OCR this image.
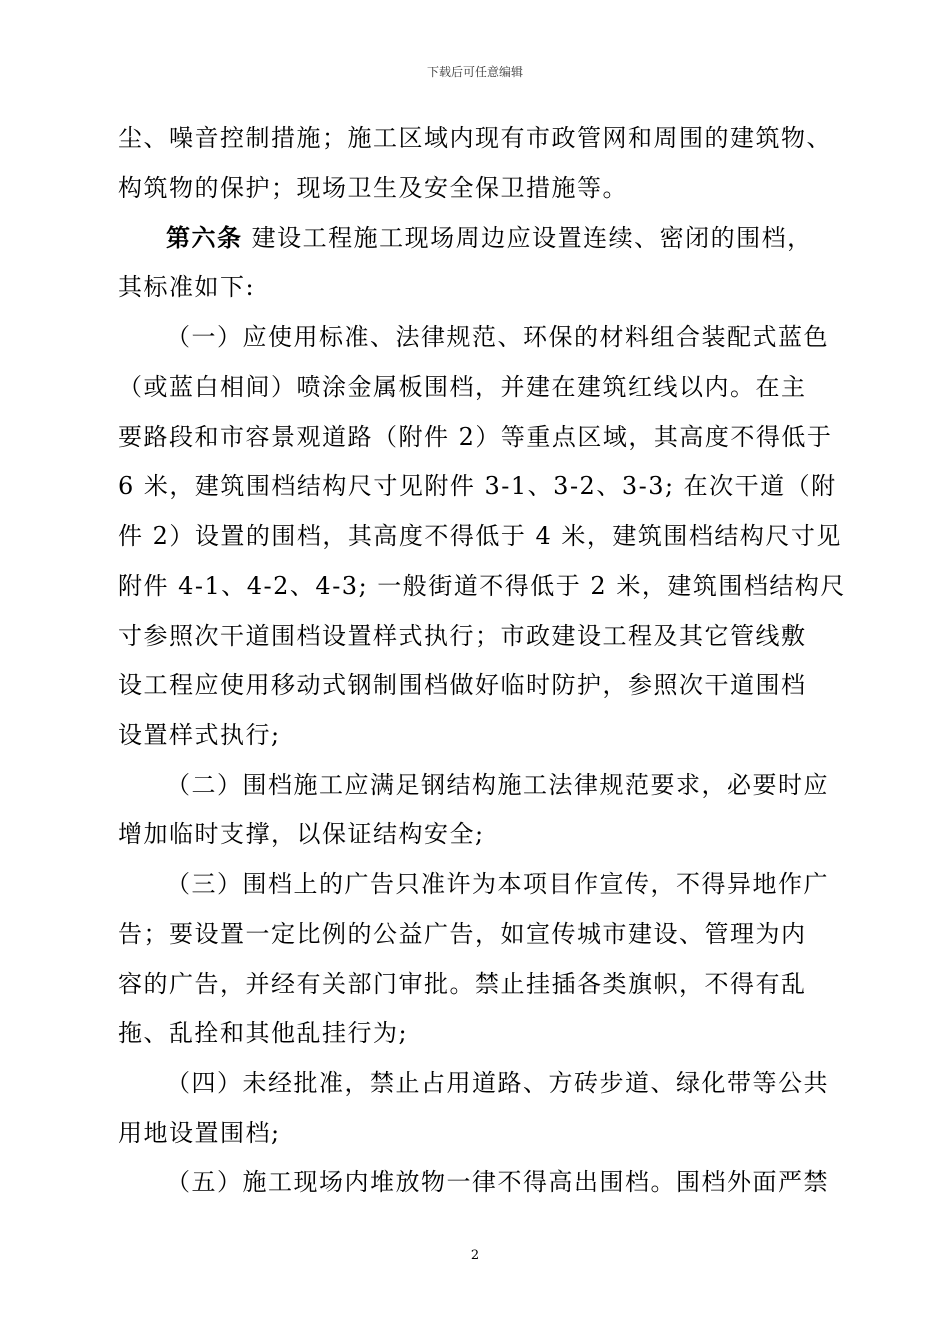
下载后可任意编辑
尘、噪音控制措施；施工区域内现有市政管网和周围的建筑物、
构筑物的保护；现场卫生及安全保卫措施等。
第六条 建设工程施工现场周边应设置连续、密闭的围档，
其标准如下:
（一）应使用标准、法律规范、环保的材料组合装配式蓝色
（或蓝白相间）喷涂金属板围档，并建在建筑红线以内。在主
要路段和市容景观道路（附件 2）等重点区域，其高度不得低于
6 米，建筑围档结构尺寸见附件 3-1、3-2、3-3; 在次干道（附
件 2）设置的围档，其高度不得低于 4 米，建筑围档结构尺寸见
附件 4-1、4-2、4-3; 一般街道不得低于 2 米，建筑围档结构尺
寸参照次干道围档设置样式执行；市政建设工程及其它管线敷
设工程应使用移动式钢制围档做好临时防护，参照次干道围档
设置样式执行;
（二）围档施工应满足钢结构施工法律规范要求，必要时应
增加临时支撑，以保证结构安全;
（三）围档上的广告只准许为本项目作宣传，不得异地作广
告；要设置一定比例的公益广告，如宣传城市建设、管理为内
容的广告，并经有关部门审批。禁止挂插各类旗帜，不得有乱
拖、乱拴和其他乱挂行为;
（四）未经批准，禁止占用道路、方砖步道、绿化带等公共
用地设置围档;
（五）施工现场内堆放物一律不得高出围档。围档外面严禁
2
